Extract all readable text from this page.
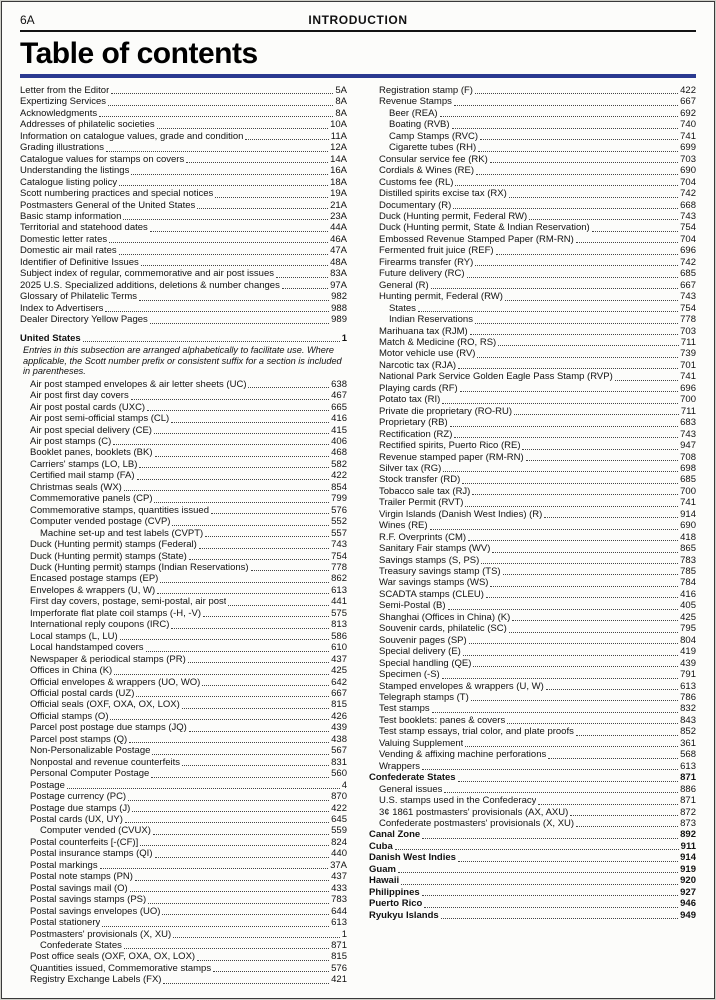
6A	INTRODUCTION
Table of contents
Letter from the Editor	5A
Expertizing Services	8A
Acknowledgments	8A
Addresses of philatelic societies	10A
Information on catalogue values, grade and condition	11A
Grading illustrations	12A
Catalogue values for stamps on covers	14A
Understanding the listings	16A
Catalogue listing policy	18A
Scott numbering practices and special notices	19A
Postmasters General of the United States	21A
Basic stamp information	23A
Territorial and statehood dates	44A
Domestic letter rates	46A
Domestic air mail rates	47A
Identifier of Definitive Issues	48A
Subject index of regular, commemorative and air post issues	83A
2025 U.S. Specialized additions, deletions & number changes	97A
Glossary of Philatelic Terms	982
Index to Advertisers	988
Dealer Directory Yellow Pages	989
United States	1

Entries in this subsection are arranged alphabetically to facilitate use. Where applicable, the Scott number prefix or consistent suffix for a section is included in parentheses.

Air post stamped envelopes & air letter sheets (UC)	638
Air post first day covers	467
Air post postal cards (UXC)	665
Air post semi-official stamps (CL)	416
Air post special delivery (CE)	415
Air post stamps (C)	406
Booklet panes, booklets (BK)	468
Carriers' stamps (LO, LB)	582
Certified mail stamp (FA)	422
Christmas seals (WX)	854
Commemorative panels (CP)	799
Commemorative stamps, quantities issued	576
Computer vended postage (CVP)	552
Machine set-up and test labels (CVPT)	557
Duck (Hunting permit) stamps (Federal)	743
Duck (Hunting permit) stamps (State)	754
Duck (Hunting permit) stamps (Indian Reservations)	778
Encased postage stamps (EP)	862
Envelopes & wrappers (U, W)	613
First day covers, postage, semi-postal, air post	441
Imperforate flat plate coil stamps (-H, -V)	575
International reply coupons (IRC)	813
Local stamps (L, LU)	586
Local handstamped covers	610
Newspaper & periodical stamps (PR)	437
Offices in China (K)	425
Official envelopes & wrappers (UO, WO)	642
Official postal cards (UZ)	667
Official seals (OXF, OXA, OX, LOX)	815
Official stamps (O)	426
Parcel post postage due stamps (JQ)	439
Parcel post stamps (Q)	438
Non-Personalizable Postage	567
Nonpostal and revenue counterfeits	831
Personal Computer Postage	560
Postage	4
Postage currency (PC)	870
Postage due stamps (J)	422
Postal cards (UX, UY)	645
Computer vended (CVUX)	559
Postal counterfeits [-(CF)]	824
Postal insurance stamps (QI)	440
Postal markings	37A
Postal note stamps (PN)	437
Postal savings mail (O)	433
Postal savings stamps (PS)	783
Postal savings envelopes (UO)	644
Postal stationery	613
Postmasters' provisionals (X, XU)	1
Confederate States	871
Post office seals (OXF, OXA, OX, LOX)	815
Quantities issued, Commemorative stamps	576
Registry Exchange Labels (FX)	421
Registration stamp (F)	422
Revenue Stamps	667
Beer (REA)	692
Boating (RVB)	740
Camp Stamps (RVC)	741
Cigarette tubes (RH)	699
Consular service fee (RK)	703
Cordials & Wines (RE)	690
Customs fee (RL)	704
Distilled spirits excise tax (RX)	742
Documentary (R)	668
Duck (Hunting permit, Federal RW)	743
Duck (Hunting permit, State & Indian Reservation)	754
Embossed Revenue Stamped Paper (RM-RN)	704
Fermented fruit juice (REF)	696
Firearms transfer (RY)	742
Future delivery (RC)	685
General (R)	667
Hunting permit, Federal (RW)	743
States	754
Indian Reservations	778
Marihuana tax (RJM)	703
Match & Medicine (RO, RS)	711
Motor vehicle use (RV)	739
Narcotic tax (RJA)	701
National Park Service Golden Eagle Pass Stamp (RVP)	741
Playing cards (RF)	696
Potato tax (RI)	700
Private die proprietary (RO-RU)	711
Proprietary (RB)	683
Rectification (RZ)	743
Rectified spirits, Puerto Rico (RE)	947
Revenue stamped paper (RM-RN)	708
Silver tax (RG)	698
Stock transfer (RD)	685
Tobacco sale tax (RJ)	700
Trailer Permit (RVT)	741
Virgin Islands (Danish West Indies) (R)	914
Wines (RE)	690
R.F. Overprints (CM)	418
Sanitary Fair stamps (WV)	865
Savings stamps (S, PS)	783
Treasury savings stamp (TS)	785
War savings stamps (WS)	784
SCADTA stamps (CLEU)	416
Semi-Postal (B)	405
Shanghai (Offices in China) (K)	425
Souvenir cards, philatelic (SC)	795
Souvenir pages (SP)	804
Special delivery (E)	419
Special handling (QE)	439
Specimen (-S)	791
Stamped envelopes & wrappers (U, W)	613
Telegraph stamps (T)	786
Test stamps	832
Test booklets: panes & covers	843
Test stamp essays, trial color, and plate proofs	852
Valuing Supplement	361
Vending & affixing machine perforations	568
Wrappers	613
Confederate States	871
General issues	886
U.S. stamps used in the Confederacy	871
3¢ 1861 postmasters' provisionals (AX, AXU)	872
Confederate postmasters' provisionals (X, XU)	873
Canal Zone	892
Cuba	911
Danish West Indies	914
Guam	919
Hawaii	920
Philippines	927
Puerto Rico	946
Ryukyu Islands	949
